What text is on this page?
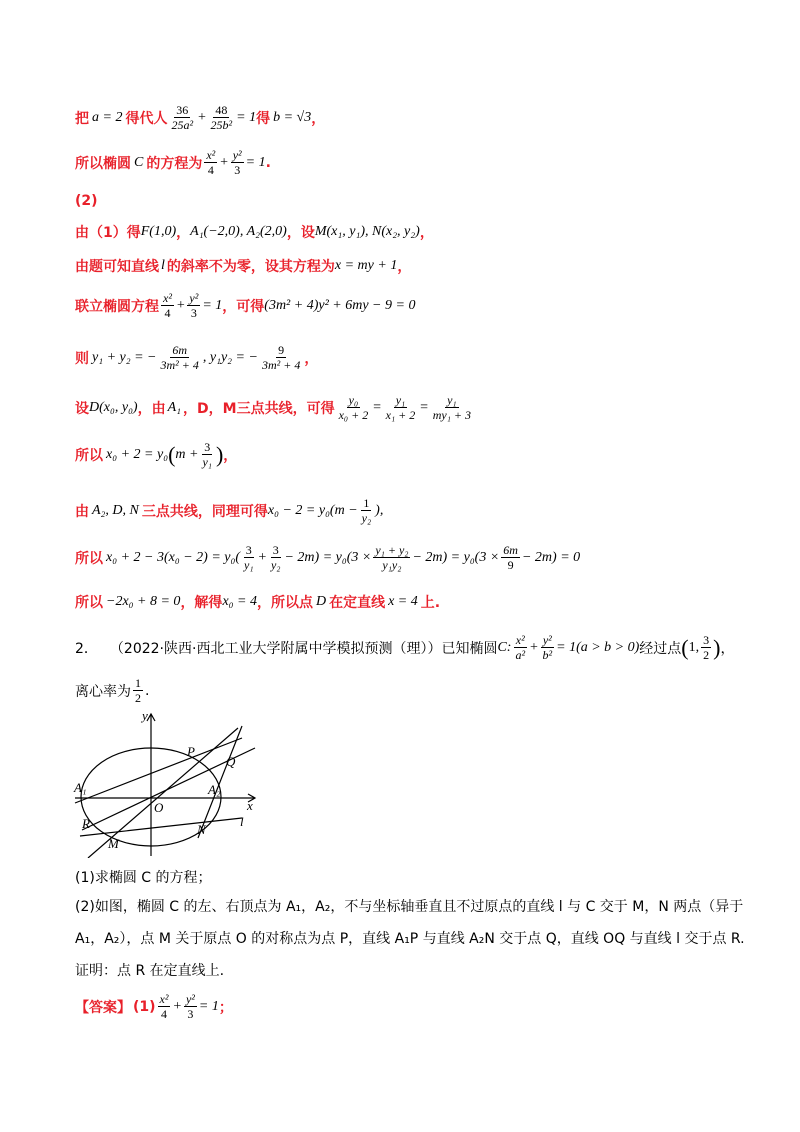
把 a = 2 得代人 $\frac{36}{\text{25a²}} + \frac{48}{\text{25b²}} = 1$ 得 b = √3 ，
所以椭圆 C 的方程为 $\frac{\text{x²}}{4} + \frac{\text{y²}}{3} = 1$ .
(2)
由（1）得 F(1,0) ， A₁(−2,0), A₂(2,0) ，设 M(x₁, y₁), N(x₂, y₂) ，
由题可知直线 l 的斜率不为零，设其方程为 x = my + 1 ，
联立椭圆方程 $\frac{\text{x²}}{4} + \frac{\text{y²}}{3} = 1$ ，可得 (3m² + 4)y² + 6my − 9 = 0
则 y₁ + y₂ = − $\frac{6m}{\text{3m² + 4}}$ , y₁y₂ = − $\frac{9}{\text{3m² + 4}}$ ，
设 D(x₀, y₀) ，由 A₁ ，D，M三点共线，可得 $\frac{\text{y₀}}{\text{x₀ + 2}} = \frac{\text{y₁}}{\text{x₁ + 2}} = \frac{\text{y₁}}{\text{my₁ + 3}}$
所以 x₀ + 2 = y₀ ( $m + \frac{3}{\text{y₁}}$ ) ，
由 A₂, D, N 三点共线，同理可得 $x_0 - 2 = y_0(m - \frac{1}{\text{y₂}}$ ),
所以 $x_0 + 2 - 3(x_0 - 2) = y_0( \frac{3}{\text{y₁}} + \frac{3}{\text{y₂}} - 2m) = y_0(3 \times \frac{\text{y₁ + y₂}}{\text{y₁y₂}} - 2m) = y_0(3 \times \frac{6m}{9} - 2m) = 0$
所以 −2x₀ + 8 = 0 ，解得 x₀ = 4 ，所以点 D 在定直线 x = 4 上.
2． （2022·陕西·西北工业大学附属中学模拟预测（理））已知椭圆 C: $\frac{\text{x²}}{\text{a²}} + \frac{\text{y²}}{\text{b²}} = 1(a > b > 0)$ 经过点 ( 1, $\frac{3}{2}$ ) ，
离心率为 $\frac{1}{2}$ .
y
x
O
A₁	A₂
P
Q
R
M
N
l
(1)求椭圆 C 的方程；
(2)如图，椭圆 C 的左、右顶点为 A₁，A₂，不与坐标轴垂直且不过原点的直线 l 与 C 交于 M，N 两点（异于
A₁，A₂），点 M 关于原点 O 的对称点为点 P，直线 A₁P 与直线 A₂N 交于点 Q，直线 OQ 与直线 l 交于点 R.
证明：点 R 在定直线上.
【答案】 $(1) \frac{\text{x²}}{4} + \frac{\text{y²}}{3} = 1$ ；
